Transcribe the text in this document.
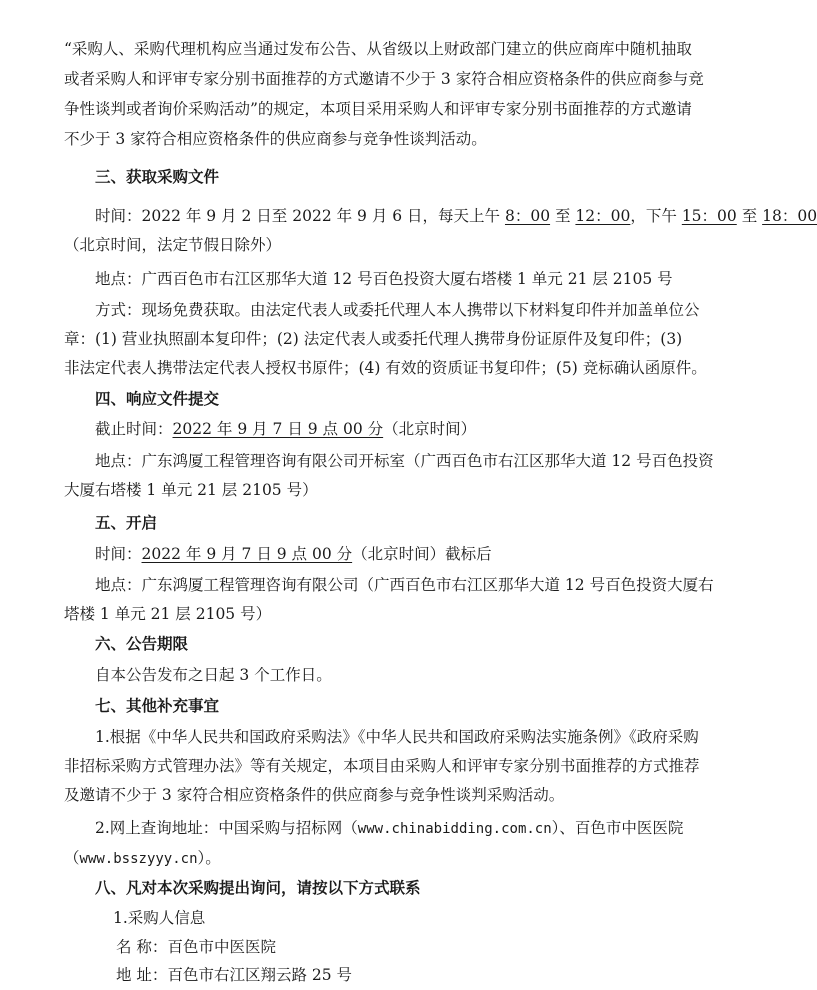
“采购人、采购代理机构应当通过发布公告、从省级以上财政部门建立的供应商库中随机抽取
或者采购人和评审专家分别书面推荐的方式邀请不少于 3 家符合相应资格条件的供应商参与竞
争性谈判或者询价采购活动”的规定，本项目采用采购人和评审专家分别书面推荐的方式邀请
不少于 3 家符合相应资格条件的供应商参与竞争性谈判活动。
三、获取采购文件
时间：2022 年 9 月 2 日至 2022 年 9 月 6 日，每天上午 8：00 至 12：00，下午 15：00 至 18：00
（北京时间，法定节假日除外）
地点：广西百色市右江区那华大道 12 号百色投资大厦右塔楼 1 单元 21 层 2105 号
方式：现场免费获取。由法定代表人或委托代理人本人携带以下材料复印件并加盖单位公
章：(1) 营业执照副本复印件；(2) 法定代表人或委托代理人携带身份证原件及复印件；(3)
非法定代表人携带法定代表人授权书原件；(4) 有效的资质证书复印件；(5) 竞标确认函原件。
四、响应文件提交
截止时间：2022 年 9 月 7 日 9 点 00 分（北京时间）
地点：广东鸿厦工程管理咨询有限公司开标室（广西百色市右江区那华大道 12 号百色投资
大厦右塔楼 1 单元 21 层 2105 号）
五、开启
时间：2022 年 9 月 7 日 9 点 00 分（北京时间）截标后
地点：广东鸿厦工程管理咨询有限公司（广西百色市右江区那华大道 12 号百色投资大厦右
塔楼 1 单元 21 层 2105 号）
六、公告期限
自本公告发布之日起 3 个工作日。
七、其他补充事宜
1.根据《中华人民共和国政府采购法》《中华人民共和国政府采购法实施条例》《政府采购
非招标采购方式管理办法》等有关规定，本项目由采购人和评审专家分别书面推荐的方式推荐
及邀请不少于 3 家符合相应资格条件的供应商参与竞争性谈判采购活动。
2.网上查询地址：中国采购与招标网（www.chinabidding.com.cn）、百色市中医医院
（www.bsszyyy.cn）。
八、凡对本次采购提出询问，请按以下方式联系
1.采购人信息
名 称：百色市中医医院
地 址：百色市右江区翔云路 25 号
